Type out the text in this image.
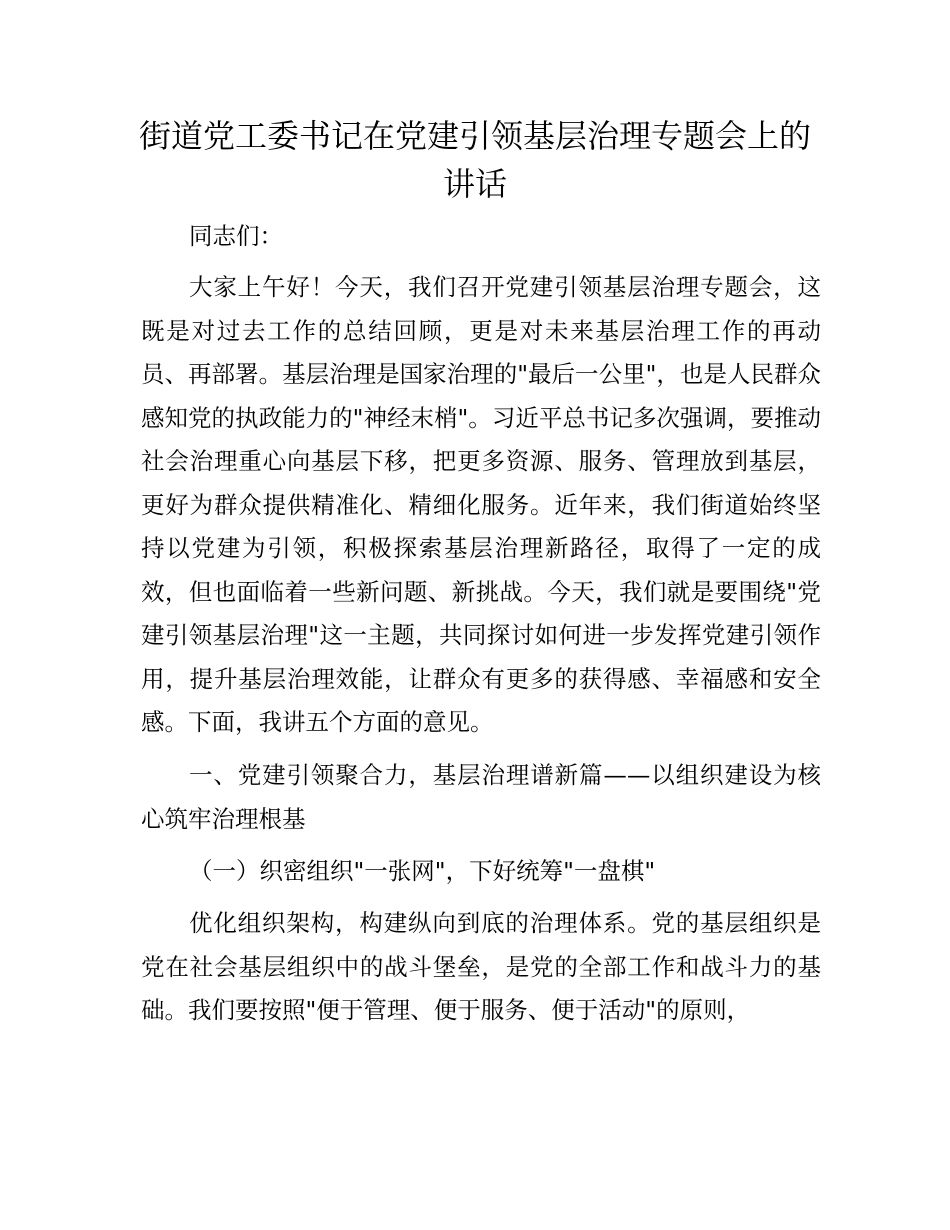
街道党工委书记在党建引领基层治理专题会上的讲话

同志们：

大家上午好！今天，我们召开党建引领基层治理专题会，这既是对过去工作的总结回顾，更是对未来基层治理工作的再动员、再部署。基层治理是国家治理的"最后一公里"，也是人民群众感知党的执政能力的"神经末梢"。习近平总书记多次强调，要推动社会治理重心向基层下移，把更多资源、服务、管理放到基层，更好为群众提供精准化、精细化服务。近年来，我们街道始终坚持以党建为引领，积极探索基层治理新路径，取得了一定的成效，但也面临着一些新问题、新挑战。今天，我们就是要围绕"党建引领基层治理"这一主题，共同探讨如何进一步发挥党建引领作用，提升基层治理效能，让群众有更多的获得感、幸福感和安全感。下面，我讲五个方面的意见。

一、党建引领聚合力，基层治理谱新篇——以组织建设为核心筑牢治理根基

（一）织密组织"一张网"，下好统筹"一盘棋"

优化组织架构，构建纵向到底的治理体系。党的基层组织是党在社会基层组织中的战斗堡垒，是党的全部工作和战斗力的基础。我们要按照"便于管理、便于服务、便于活动"的原则，
